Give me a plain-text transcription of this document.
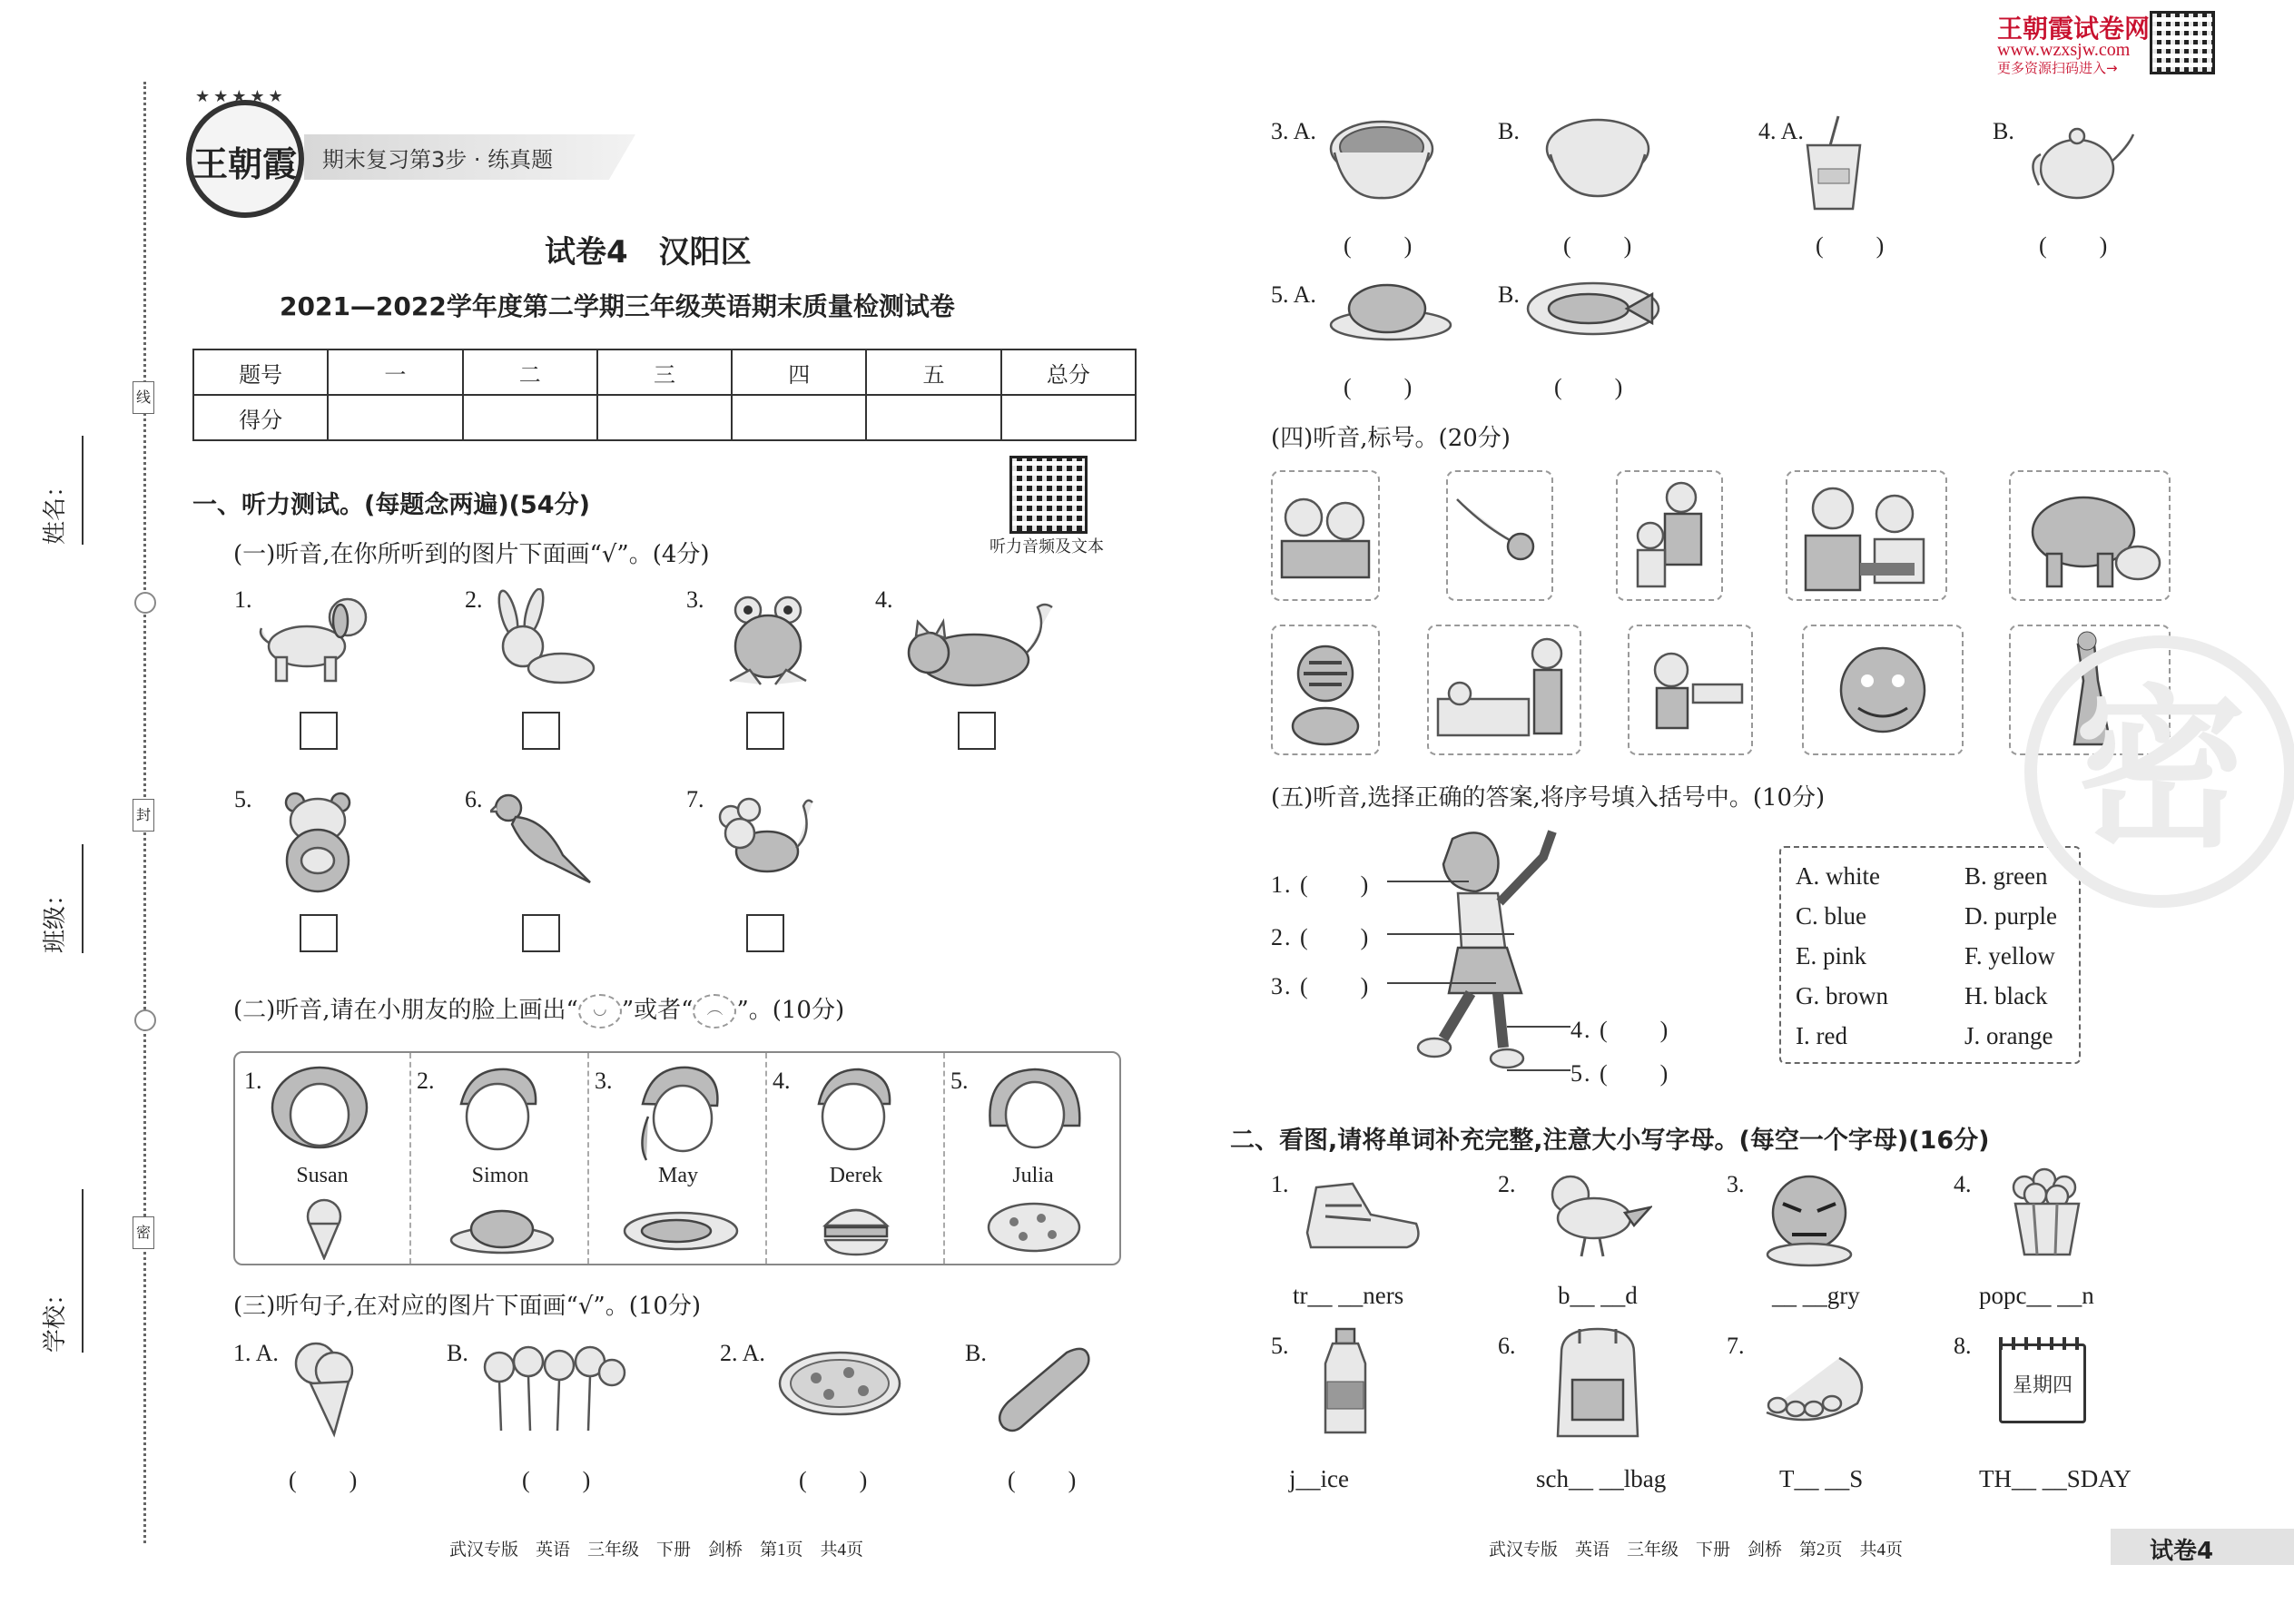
线
封
密
姓名：
班级：
学校：
王朝霞
★★★★★
期末复习第3步 · 练真题
试卷4　汉阳区
2021—2022学年度第二学期三年级英语期末质量检测试卷
题号	一	二	三	四	五	总分
得分						
听力音频及文本
一、听力测试。(每题念两遍)(54分)
(一)听音,在你所听到的图片下面画“√”。(4分)
1.	2.	3.	4.
5.	6.	7.
(二)听音,请在小朋友的脸上画出“ ◡ ”或者“ ︵ ”。(10分)
1.
Susan
2.
Simon
3.
May
4.
Derek
5.
Julia
(三)听句子,在对应的图片下面画“√”。(10分)
1. A.
(　　)
B.
(　　)
2. A.
(　　)
B.
(　　)
王朝霞试卷网
www.wzxsjw.com
更多资源扫码进入→
3. A.
(　　)
B.
(　　)
4. A.
(　　)
B.
(　　)
5. A.
(　　)
B.
(　　)
(四)听音,标号。(20分)
(五)听音,选择正确的答案,将序号填入括号中。(10分)
1. (　　)
2. (　　)
3. (　　)
4. (　　)
5. (　　)
A. white	B. green
C. blue	D. purple
E. pink	F. yellow
G. brown	H. black
I. red	J. orange
密
二、看图,请将单词补充完整,注意大小写字母。(每空一个字母)(16分)
1.
tr__ __ners
2.
b__ __d
3.
__ __gry
4.
popc__ __n
5.
j__ice
6.
sch__ __lbag
7.
T__ __S
8.
星期四
TH__ __SDAY
武汉专版　英语　三年级　下册　剑桥　第1页　共4页	武汉专版　英语　三年级　下册　剑桥　第2页　共4页	试卷4
